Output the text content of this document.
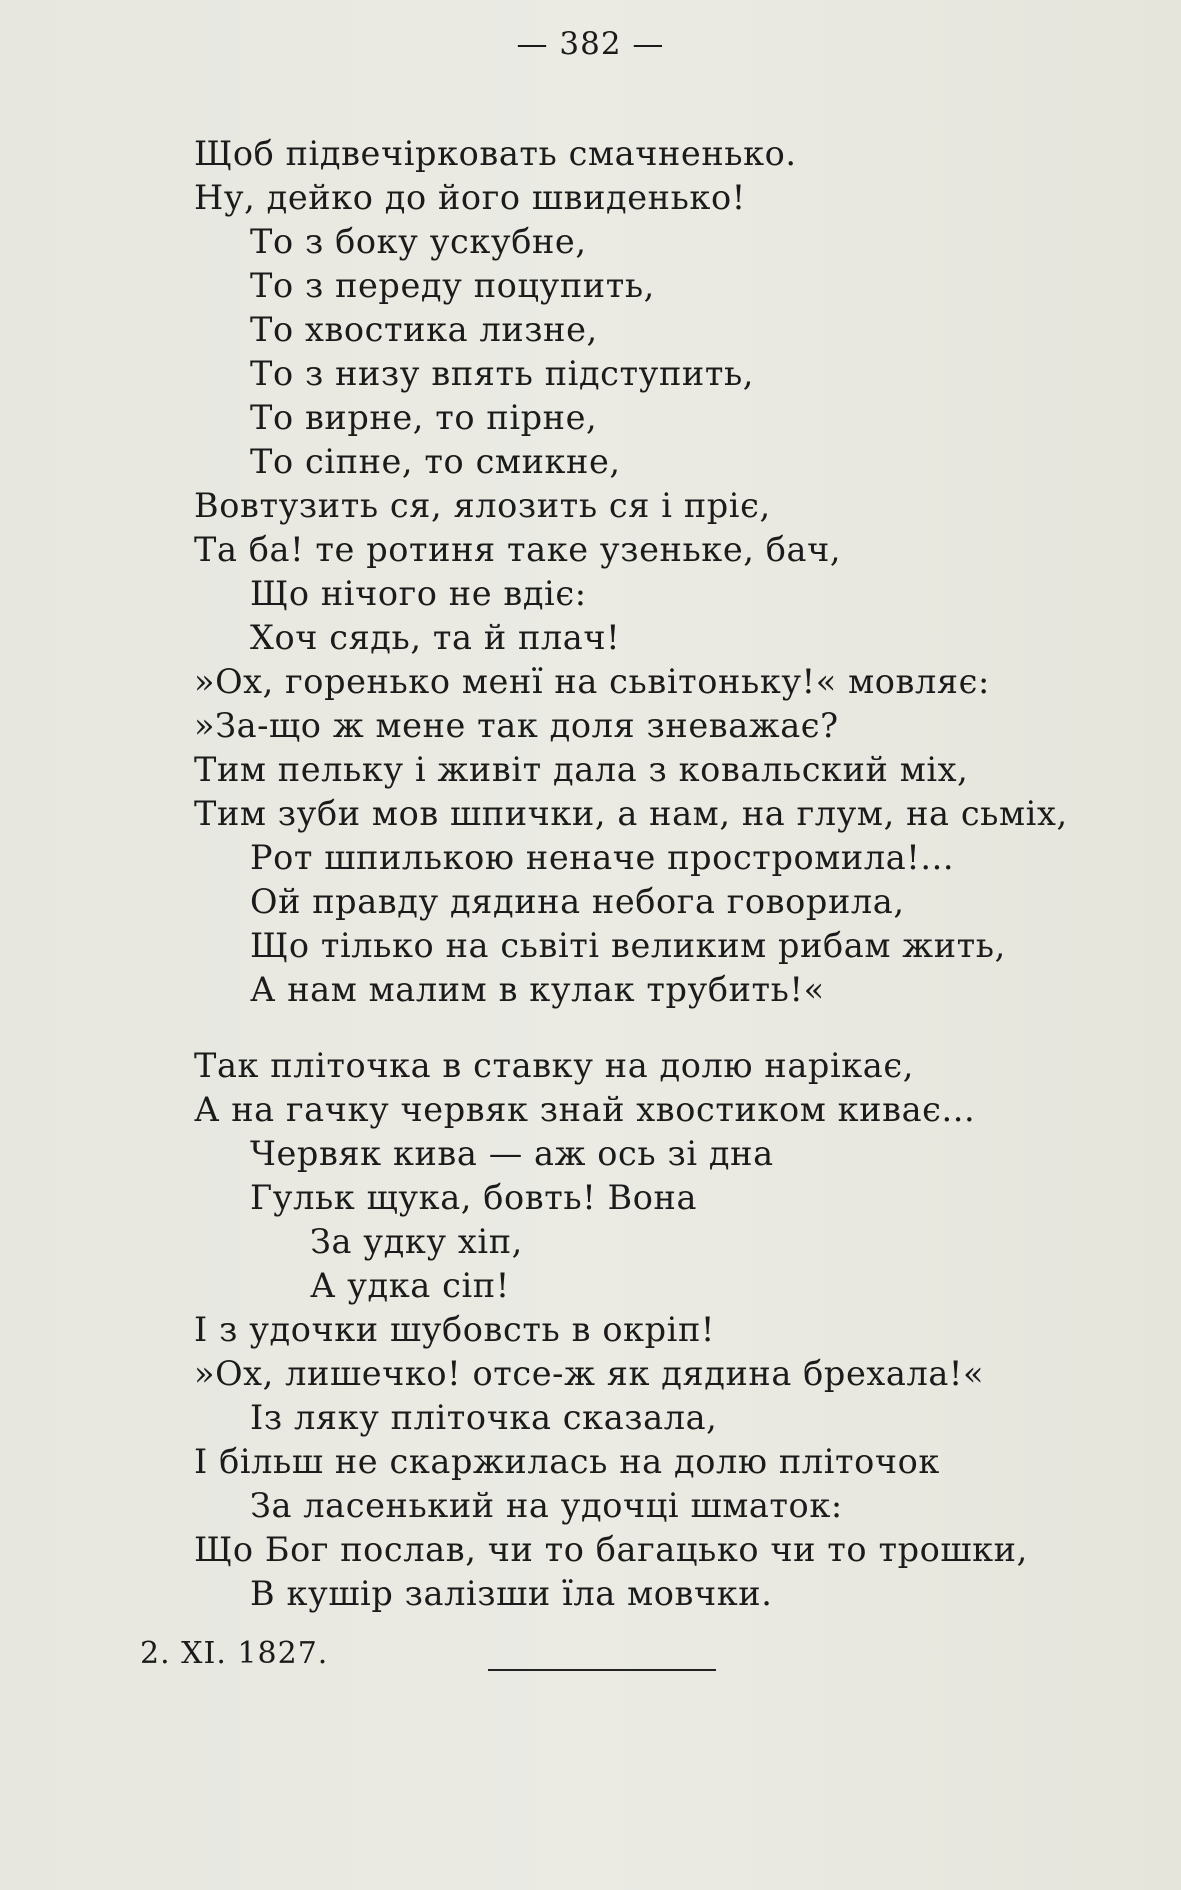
— 382 —
Щоб підвечірковать смачненько.
Ну, дейко до його швиденько!
То з боку ускубне,
То з переду поцупить,
То хвостика лизне,
То з низу впять підступить,
То вирне, то пірне,
То сіпне, то смикне,
Вовтузить ся, ялозить ся і пріє,
Та ба! те ротиня таке узеньке, бач,
Що нічого не вдіє:
Хоч сядь, та й плач!
»Ох, горенько менї на сьвітоньку!« мовляє:
»За-що ж мене так доля зневажає?
Тим пельку і живіт дала з ковальский міх,
Тим зуби мов шпички, а нам, на глум, на сьміх,
Рот шпилькою неначе простромила!...
Ой правду дядина небога говорила,
Що тілько на сьвіті великим рибам жить,
А нам малим в кулак трубить!«
Так пліточка в ставку на долю нарікає,
А на гачку червяк знай хвостиком киває...
Червяк кива — аж ось зі дна
Гульк щука, бовть! Вона
За удку хіп,
А удка сіп!
І з удочки шубовсть в окріп!
»Ох, лишечко! отсе-ж як дядина брехала!«
Із ляку пліточка сказала,
І більш не скаржилась на долю пліточок
За ласенький на удочці шматок:
Що Бог послав, чи то багацько чи то трошки,
В кушір залізши їла мовчки.
2. XI. 1827.
